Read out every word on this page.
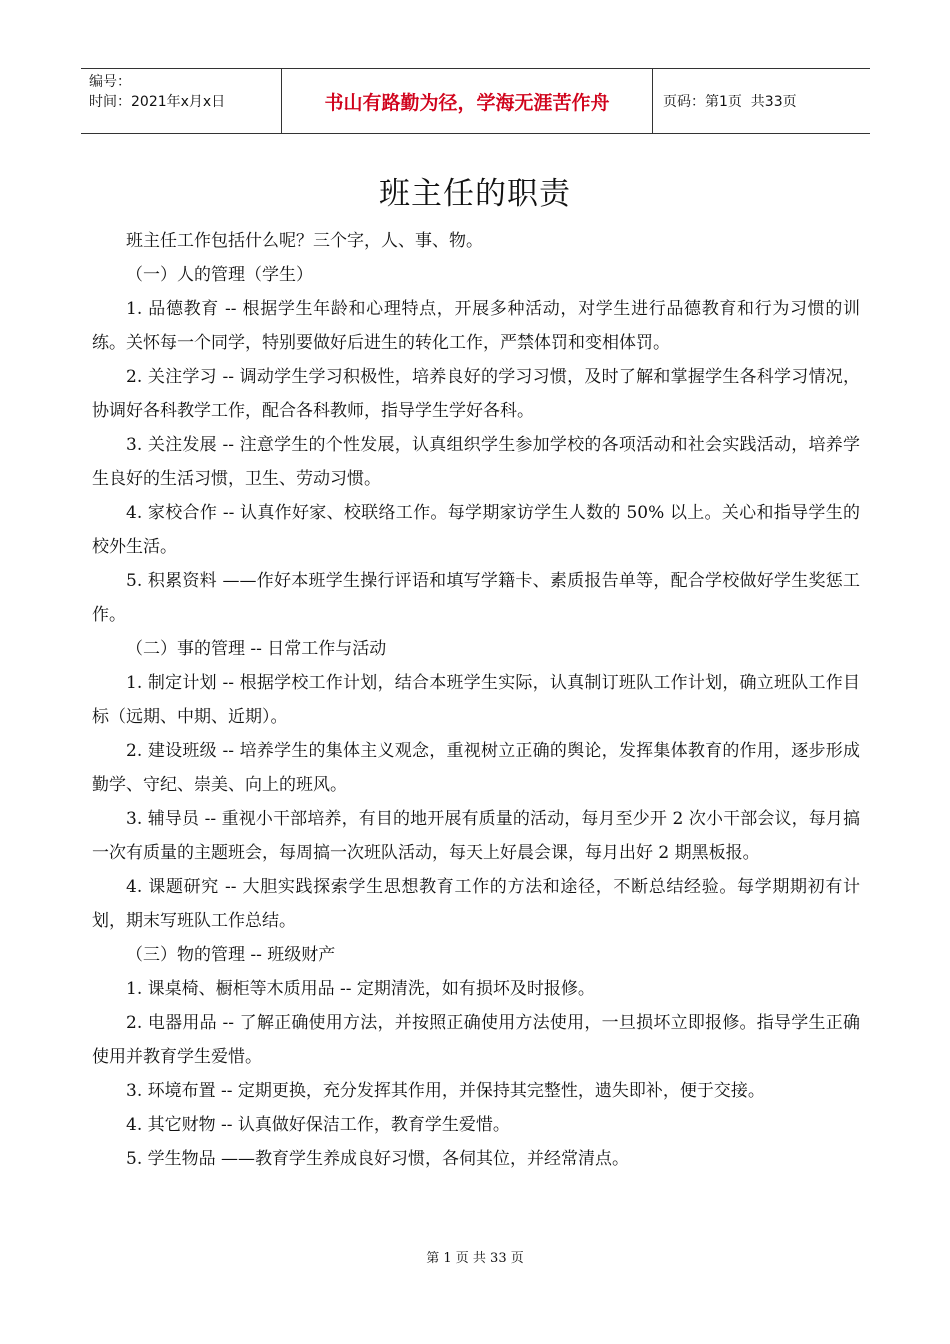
编号：
时间：2021年x月x日	书山有路勤为径，学海无涯苦作舟	页码：第1页  共33页
班主任的职责

班主任工作包括什么呢？三个字，人、事、物。

（一）人的管理（学生）

1. 品德教育 -- 根据学生年龄和心理特点，开展多种活动，对学生进行品德教育和行为习惯的训练。关怀每一个同学，特别要做好后进生的转化工作，严禁体罚和变相体罚。

2. 关注学习 -- 调动学生学习积极性，培养良好的学习习惯，及时了解和掌握学生各科学习情况，协调好各科教学工作，配合各科教师，指导学生学好各科。

3. 关注发展 -- 注意学生的个性发展，认真组织学生参加学校的各项活动和社会实践活动，培养学生良好的生活习惯，卫生、劳动习惯。

4. 家校合作 -- 认真作好家、校联络工作。每学期家访学生人数的 50% 以上。关心和指导学生的校外生活。

5. 积累资料 ——作好本班学生操行评语和填写学籍卡、素质报告单等，配合学校做好学生奖惩工作。

（二）事的管理 -- 日常工作与活动

1. 制定计划 -- 根据学校工作计划，结合本班学生实际，认真制订班队工作计划，确立班队工作目标（远期、中期、近期）。

2. 建设班级 -- 培养学生的集体主义观念，重视树立正确的舆论，发挥集体教育的作用，逐步形成勤学、守纪、崇美、向上的班风。

3. 辅导员 -- 重视小干部培养，有目的地开展有质量的活动，每月至少开 2 次小干部会议，每月搞一次有质量的主题班会，每周搞一次班队活动，每天上好晨会课，每月出好 2 期黑板报。

4. 课题研究 -- 大胆实践探索学生思想教育工作的方法和途径，不断总结经验。每学期期初有计划，期末写班队工作总结。

（三）物的管理 -- 班级财产

1. 课桌椅、橱柜等木质用品 -- 定期清洗，如有损坏及时报修。

2. 电器用品 -- 了解正确使用方法，并按照正确使用方法使用，一旦损坏立即报修。指导学生正确使用并教育学生爱惜。

3. 环境布置 -- 定期更换，充分发挥其作用，并保持其完整性，遗失即补，便于交接。

4. 其它财物 -- 认真做好保洁工作，教育学生爱惜。

5. 学生物品 ——教育学生养成良好习惯，各伺其位，并经常清点。

第 1 页 共 33 页
